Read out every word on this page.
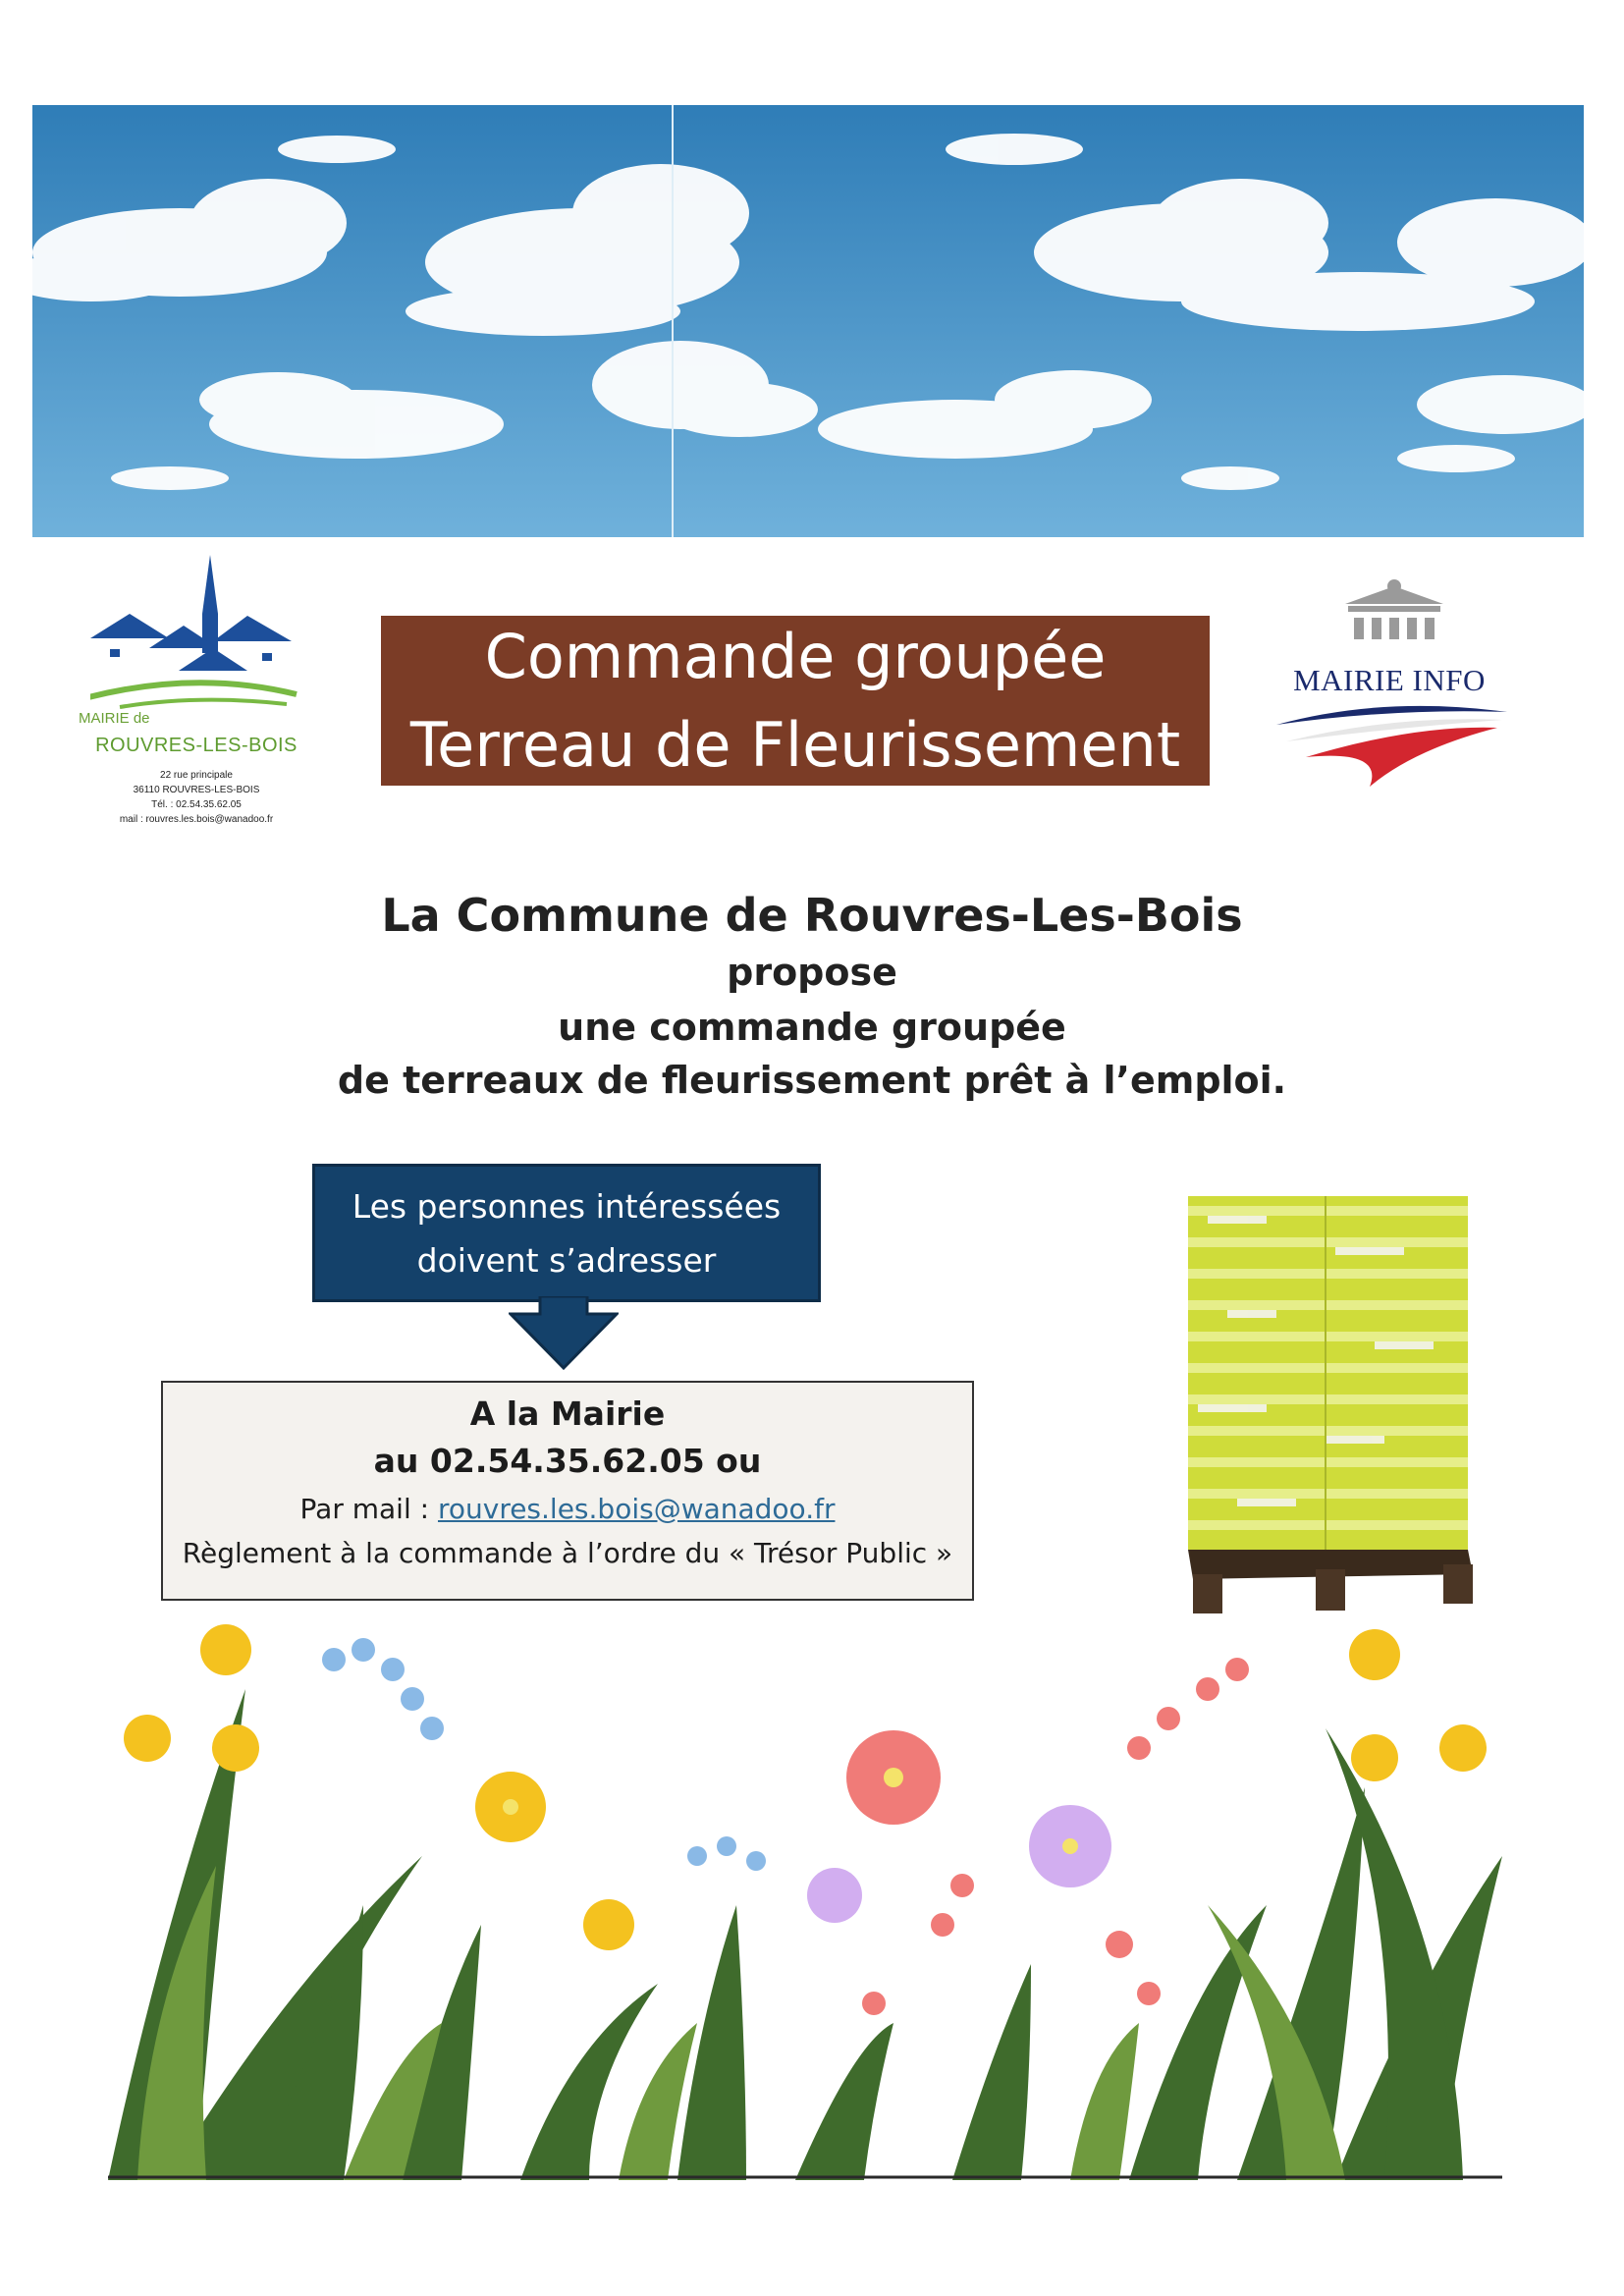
MAIRIE de
ROUVRES-LES-BOIS
22 rue principale
36110 ROUVRES-LES-BOIS
Tél. : 02.54.35.62.05
mail : rouvres.les.bois@wanadoo.fr
Commande groupée
Terreau de Fleurissement
MAIRIE INFO
La Commune de Rouvres-Les-Bois
propose
une commande groupée
de terreaux de fleurissement prêt à l’emploi.
Les personnes intéressées
doivent s’adresser
A la Mairie
au 02.54.35.62.05 ou
Par mail : rouvres.les.bois@wanadoo.fr
Règlement à la commande à l’ordre du « Trésor Public »
